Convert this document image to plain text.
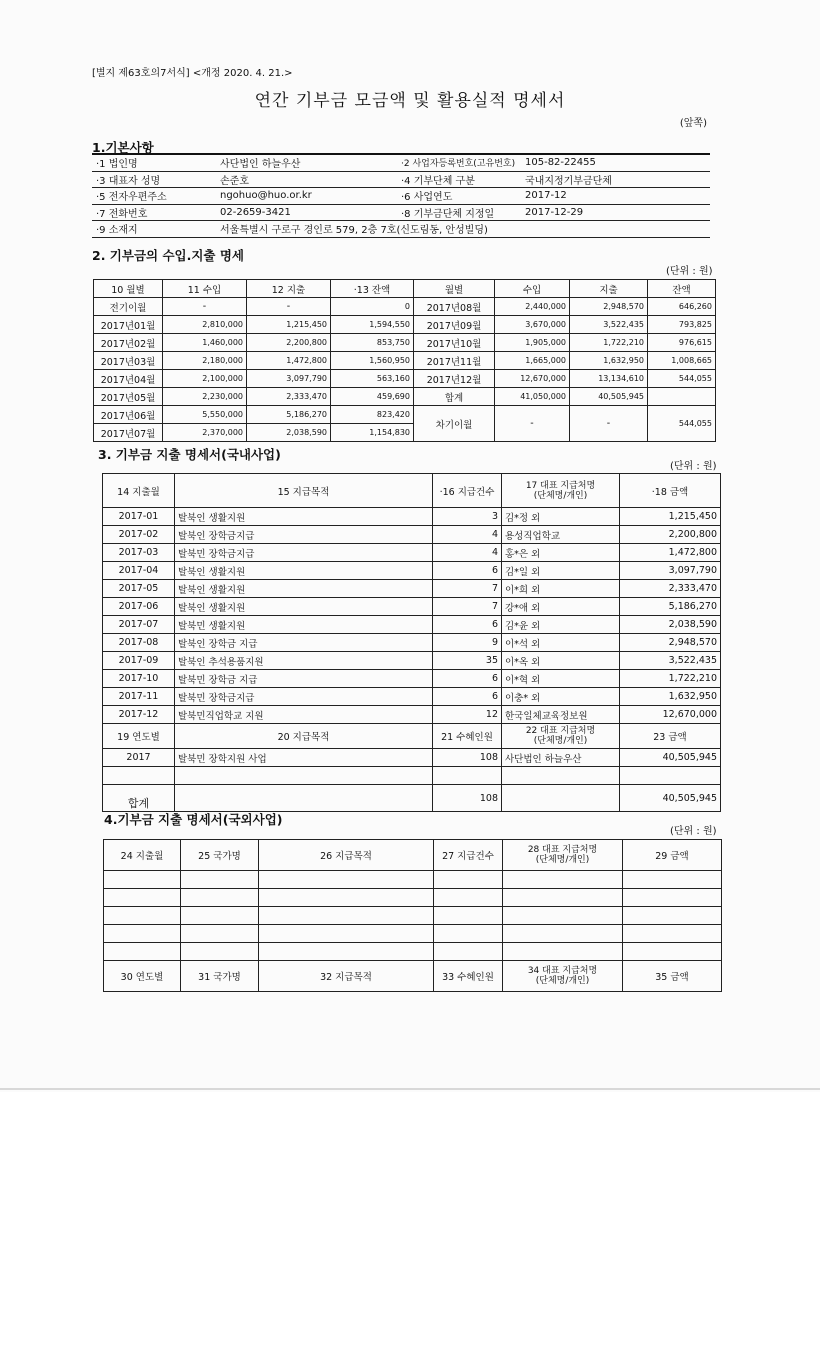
[별지 제63호의7서식] <개정 2020. 4. 21.>
연간 기부금 모금액 및 활용실적 명세서
(앞쪽)
1.기본사항
·1 법인명	사단법인 하늘우산	·2 사업자등록번호(고유번호)	105-82-22455
·3 대표자 성명	손준호	·4 기부단체 구분	국내지정기부금단체
·5 전자우편주소	ngohuo@huo.or.kr	·6 사업연도	2017-12
·7 전화번호	02-2659-3421	·8 기부금단체 지정일	2017-12-29
·9 소재지	서울특별시 구로구 경인로 579, 2층 7호(신도림동, 안성빌딩)		
2. 기부금의 수입.지출 명세
(단위 : 원)
10 월별	11 수입	12 지출	·13 잔액	월별	수입	지출	잔액
전기이월	-	-	0	2017년08월	2,440,000	2,948,570	646,260
2017년01월	2,810,000	1,215,450	1,594,550	2017년09월	3,670,000	3,522,435	793,825
2017년02월	1,460,000	2,200,800	853,750	2017년10월	1,905,000	1,722,210	976,615
2017년03월	2,180,000	1,472,800	1,560,950	2017년11월	1,665,000	1,632,950	1,008,665
2017년04월	2,100,000	3,097,790	563,160	2017년12월	12,670,000	13,134,610	544,055
2017년05월	2,230,000	2,333,470	459,690	합계	41,050,000	40,505,945	
2017년06월	5,550,000	5,186,270	823,420	차기이월	-	-	544,055
2017년07월	2,370,000	2,038,590	1,154,830				
3. 기부금 지출 명세서(국내사업)
(단위 : 원)
14 지출월	15 지급목적	·16 지급건수	17 대표 지급처명
(단체명/개인)	·18 금액
2017-01	탈북인 생활지원	3	김*정 외	1,215,450
2017-02	탈북인 장학금지급	4	용성직업학교	2,200,800
2017-03	탈북민 장학금지급	4	홍*은 외	1,472,800
2017-04	탈북인 생활지원	6	김*일 외	3,097,790
2017-05	탈북인 생활지원	7	이*희 외	2,333,470
2017-06	탈북인 생활지원	7	강*애 외	5,186,270
2017-07	탈북민 생활지원	6	김*윤 외	2,038,590
2017-08	탈북인 장학금 지급	9	이*석 외	2,948,570
2017-09	탈북인 추석용품지원	35	이*옥 외	3,522,435
2017-10	탈북민 장학금 지급	6	이*혁 외	1,722,210
2017-11	탈북민 장학금지급	6	이충* 외	1,632,950
2017-12	탈북민직업학교 지원	12	한국일체교육정보원	12,670,000
19 연도별	20 지급목적	21 수혜인원	22 대표 지급처명
(단체명/개인)	23 금액
2017	탈북민 장학지원 사업	108	사단법인 하늘우산	40,505,945

합계		108		40,505,945
4.기부금 지출 명세서(국외사업)
(단위 : 원)
24 지출월	25 국가명	26 지급목적	27 지급건수	28 대표 지급처명
(단체명/개인)	29 금액

30 연도별	31 국가명	32 지급목적	33 수혜인원	34 대표 지급처명
(단체명/개인)	35 금액
